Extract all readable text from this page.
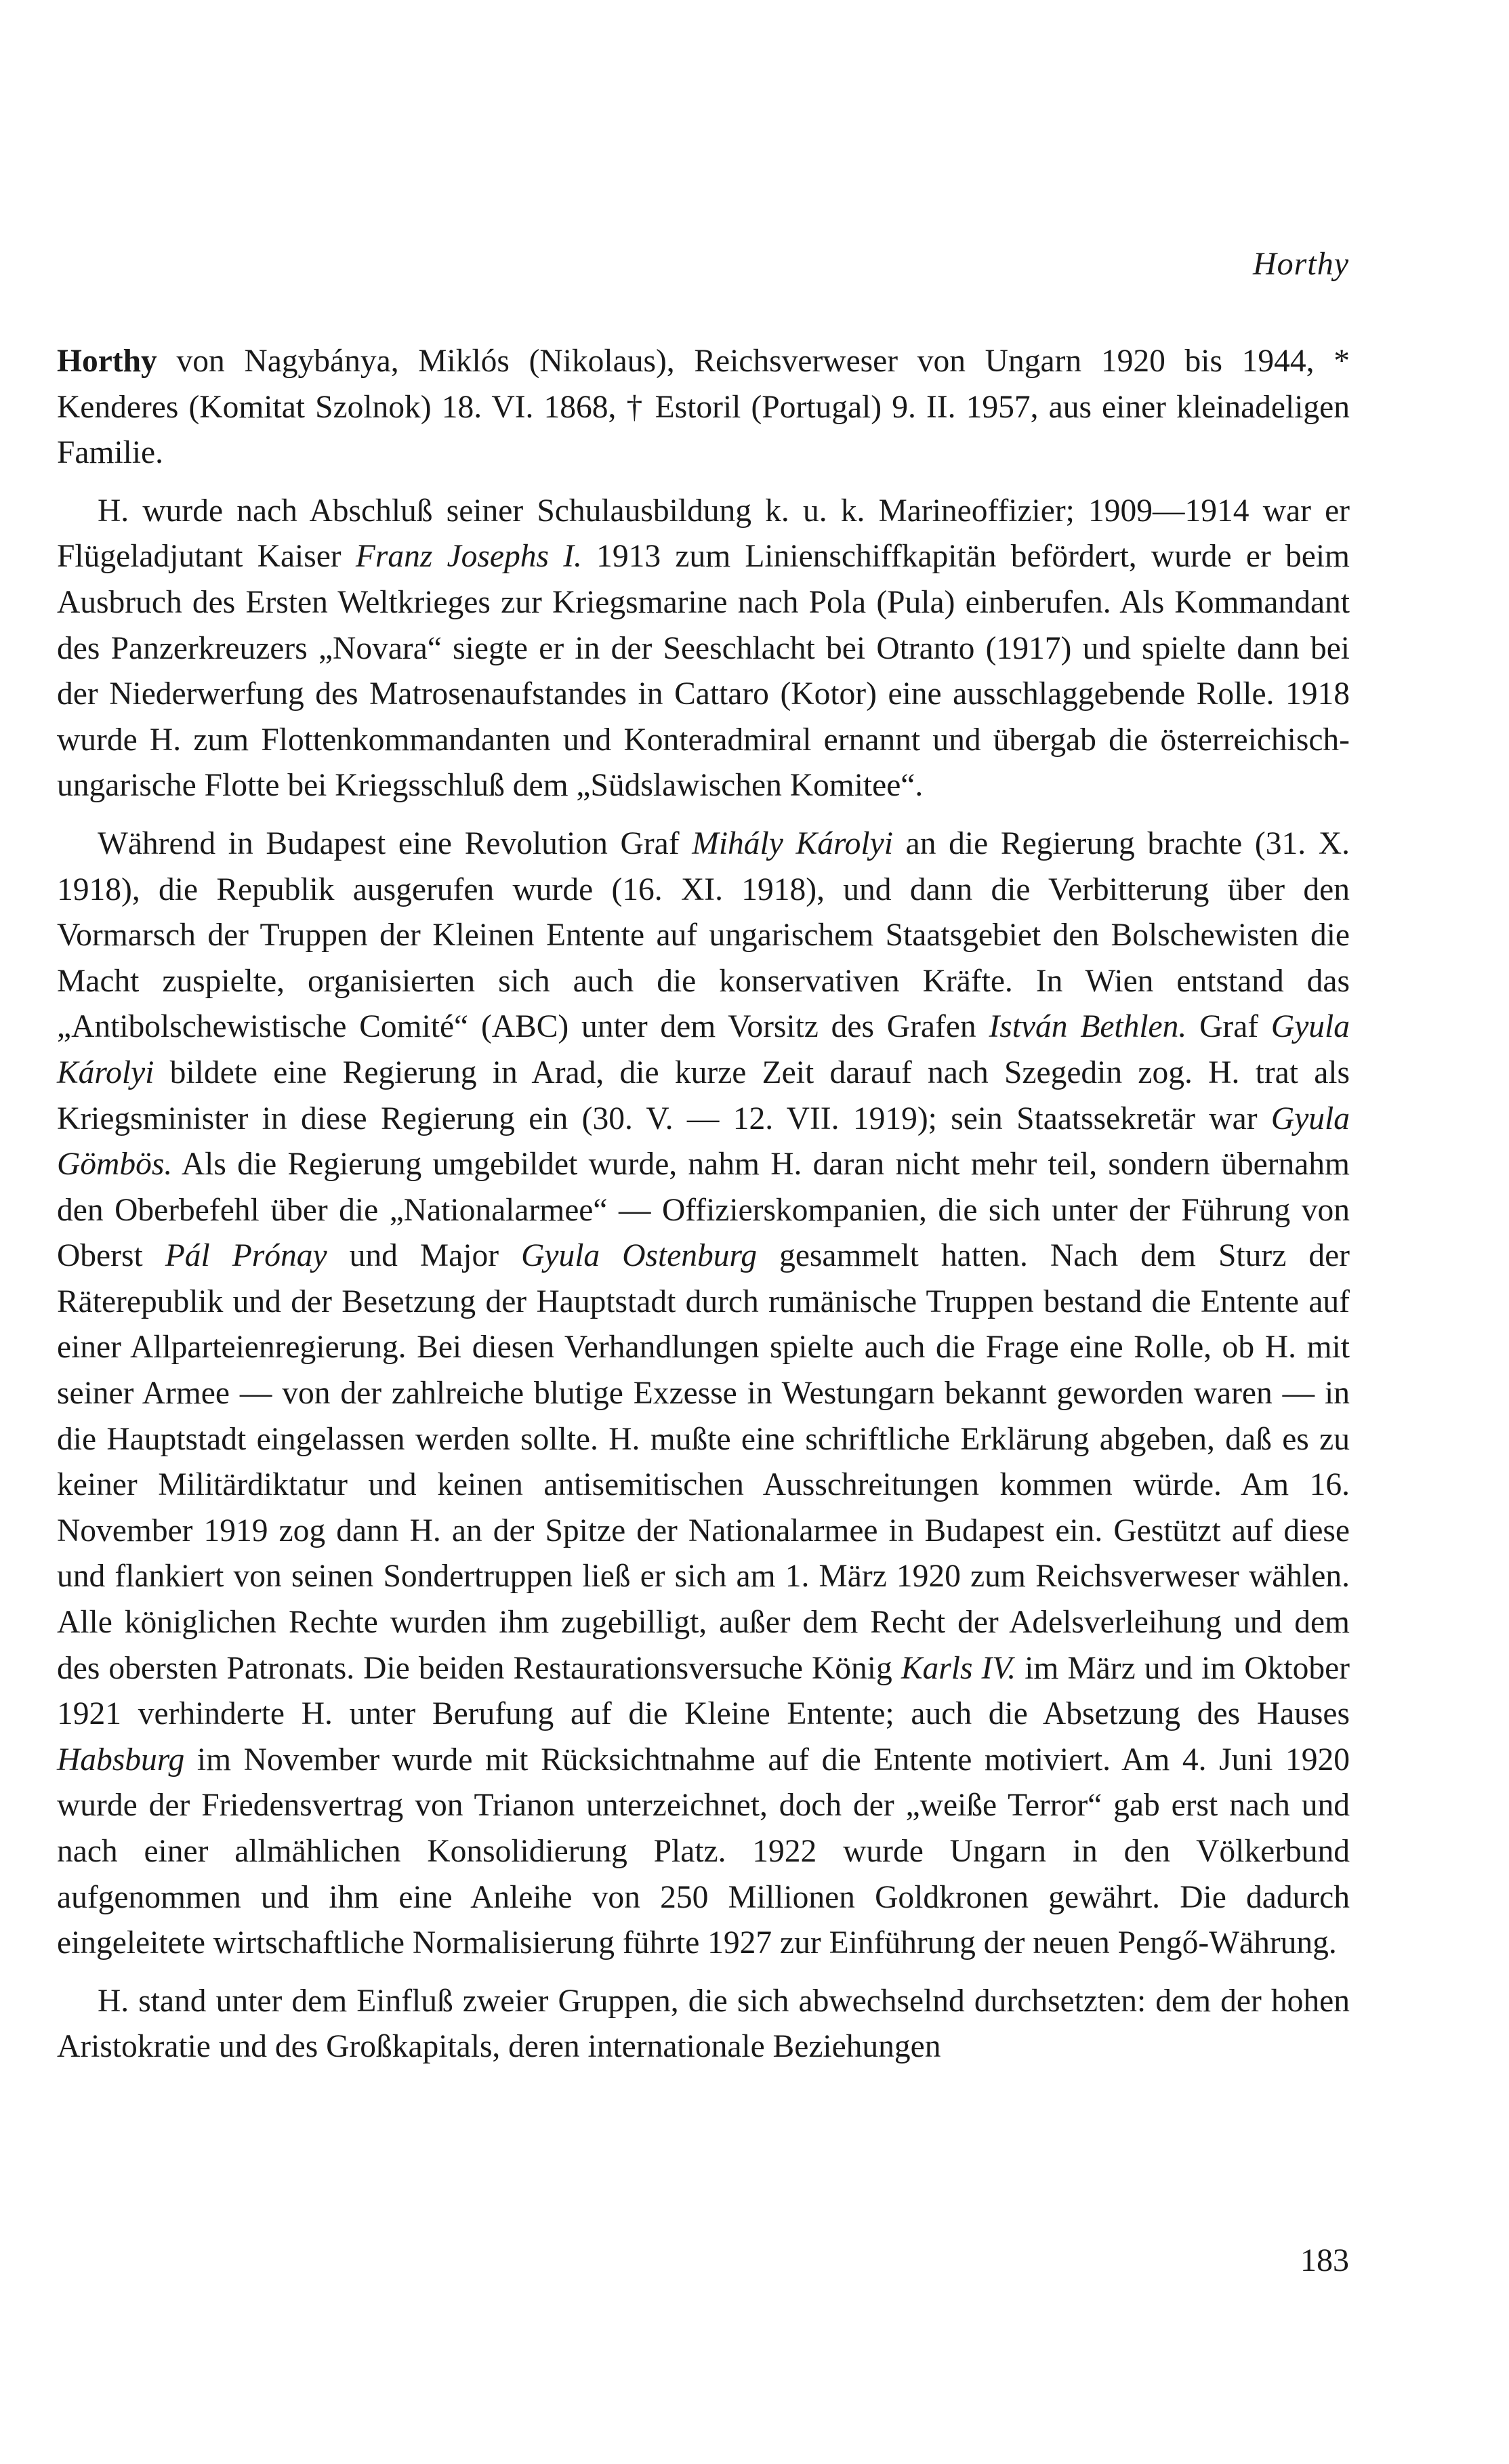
Horthy

Horthy von Nagybánya, Miklós (Nikolaus), Reichsverweser von Ungarn 1920 bis 1944, * Kenderes (Komitat Szolnok) 18. VI. 1868, † Estoril (Portugal) 9. II. 1957, aus einer kleinadeligen Familie.

H. wurde nach Abschluß seiner Schulausbildung k. u. k. Marineoffizier; 1909—1914 war er Flügeladjutant Kaiser Franz Josephs I. 1913 zum Linienschiffkapitän befördert, wurde er beim Ausbruch des Ersten Weltkrieges zur Kriegsmarine nach Pola (Pula) einberufen. Als Kommandant des Panzerkreuzers „Novara“ siegte er in der Seeschlacht bei Otranto (1917) und spielte dann bei der Niederwerfung des Matrosenaufstandes in Cattaro (Kotor) eine ausschlaggebende Rolle. 1918 wurde H. zum Flottenkommandanten und Konteradmiral ernannt und übergab die österreichisch-ungarische Flotte bei Kriegsschluß dem „Südslawischen Komitee“.

Während in Budapest eine Revolution Graf Mihály Károlyi an die Regierung brachte (31. X. 1918), die Republik ausgerufen wurde (16. XI. 1918), und dann die Verbitterung über den Vormarsch der Truppen der Kleinen Entente auf ungarischem Staatsgebiet den Bolschewisten die Macht zuspielte, organisierten sich auch die konservativen Kräfte. In Wien entstand das „Antibolschewistische Comité“ (ABC) unter dem Vorsitz des Grafen István Bethlen. Graf Gyula Károlyi bildete eine Regierung in Arad, die kurze Zeit darauf nach Szegedin zog. H. trat als Kriegsminister in diese Regierung ein (30. V. — 12. VII. 1919); sein Staatssekretär war Gyula Gömbös. Als die Regierung umgebildet wurde, nahm H. daran nicht mehr teil, sondern übernahm den Oberbefehl über die „Nationalarmee“ — Offizierskompanien, die sich unter der Führung von Oberst Pál Prónay und Major Gyula Ostenburg gesammelt hatten. Nach dem Sturz der Räterepublik und der Besetzung der Hauptstadt durch rumänische Truppen bestand die Entente auf einer Allparteienregierung. Bei diesen Verhandlungen spielte auch die Frage eine Rolle, ob H. mit seiner Armee — von der zahlreiche blutige Exzesse in Westungarn bekannt geworden waren — in die Hauptstadt eingelassen werden sollte. H. mußte eine schriftliche Erklärung abgeben, daß es zu keiner Militärdiktatur und keinen antisemitischen Ausschreitungen kommen würde. Am 16. November 1919 zog dann H. an der Spitze der Nationalarmee in Budapest ein. Gestützt auf diese und flankiert von seinen Sondertruppen ließ er sich am 1. März 1920 zum Reichsverweser wählen. Alle königlichen Rechte wurden ihm zugebilligt, außer dem Recht der Adelsverleihung und dem des obersten Patronats. Die beiden Restaurationsversuche König Karls IV. im März und im Oktober 1921 verhinderte H. unter Berufung auf die Kleine Entente; auch die Absetzung des Hauses Habsburg im November wurde mit Rücksichtnahme auf die Entente motiviert. Am 4. Juni 1920 wurde der Friedensvertrag von Trianon unterzeichnet, doch der „weiße Terror“ gab erst nach und nach einer allmählichen Konsolidierung Platz. 1922 wurde Ungarn in den Völkerbund aufgenommen und ihm eine Anleihe von 250 Millionen Goldkronen gewährt. Die dadurch eingeleitete wirtschaftliche Normalisierung führte 1927 zur Einführung der neuen Pengő-Währung.

H. stand unter dem Einfluß zweier Gruppen, die sich abwechselnd durchsetzten: dem der hohen Aristokratie und des Großkapitals, deren internationale Beziehungen

183
